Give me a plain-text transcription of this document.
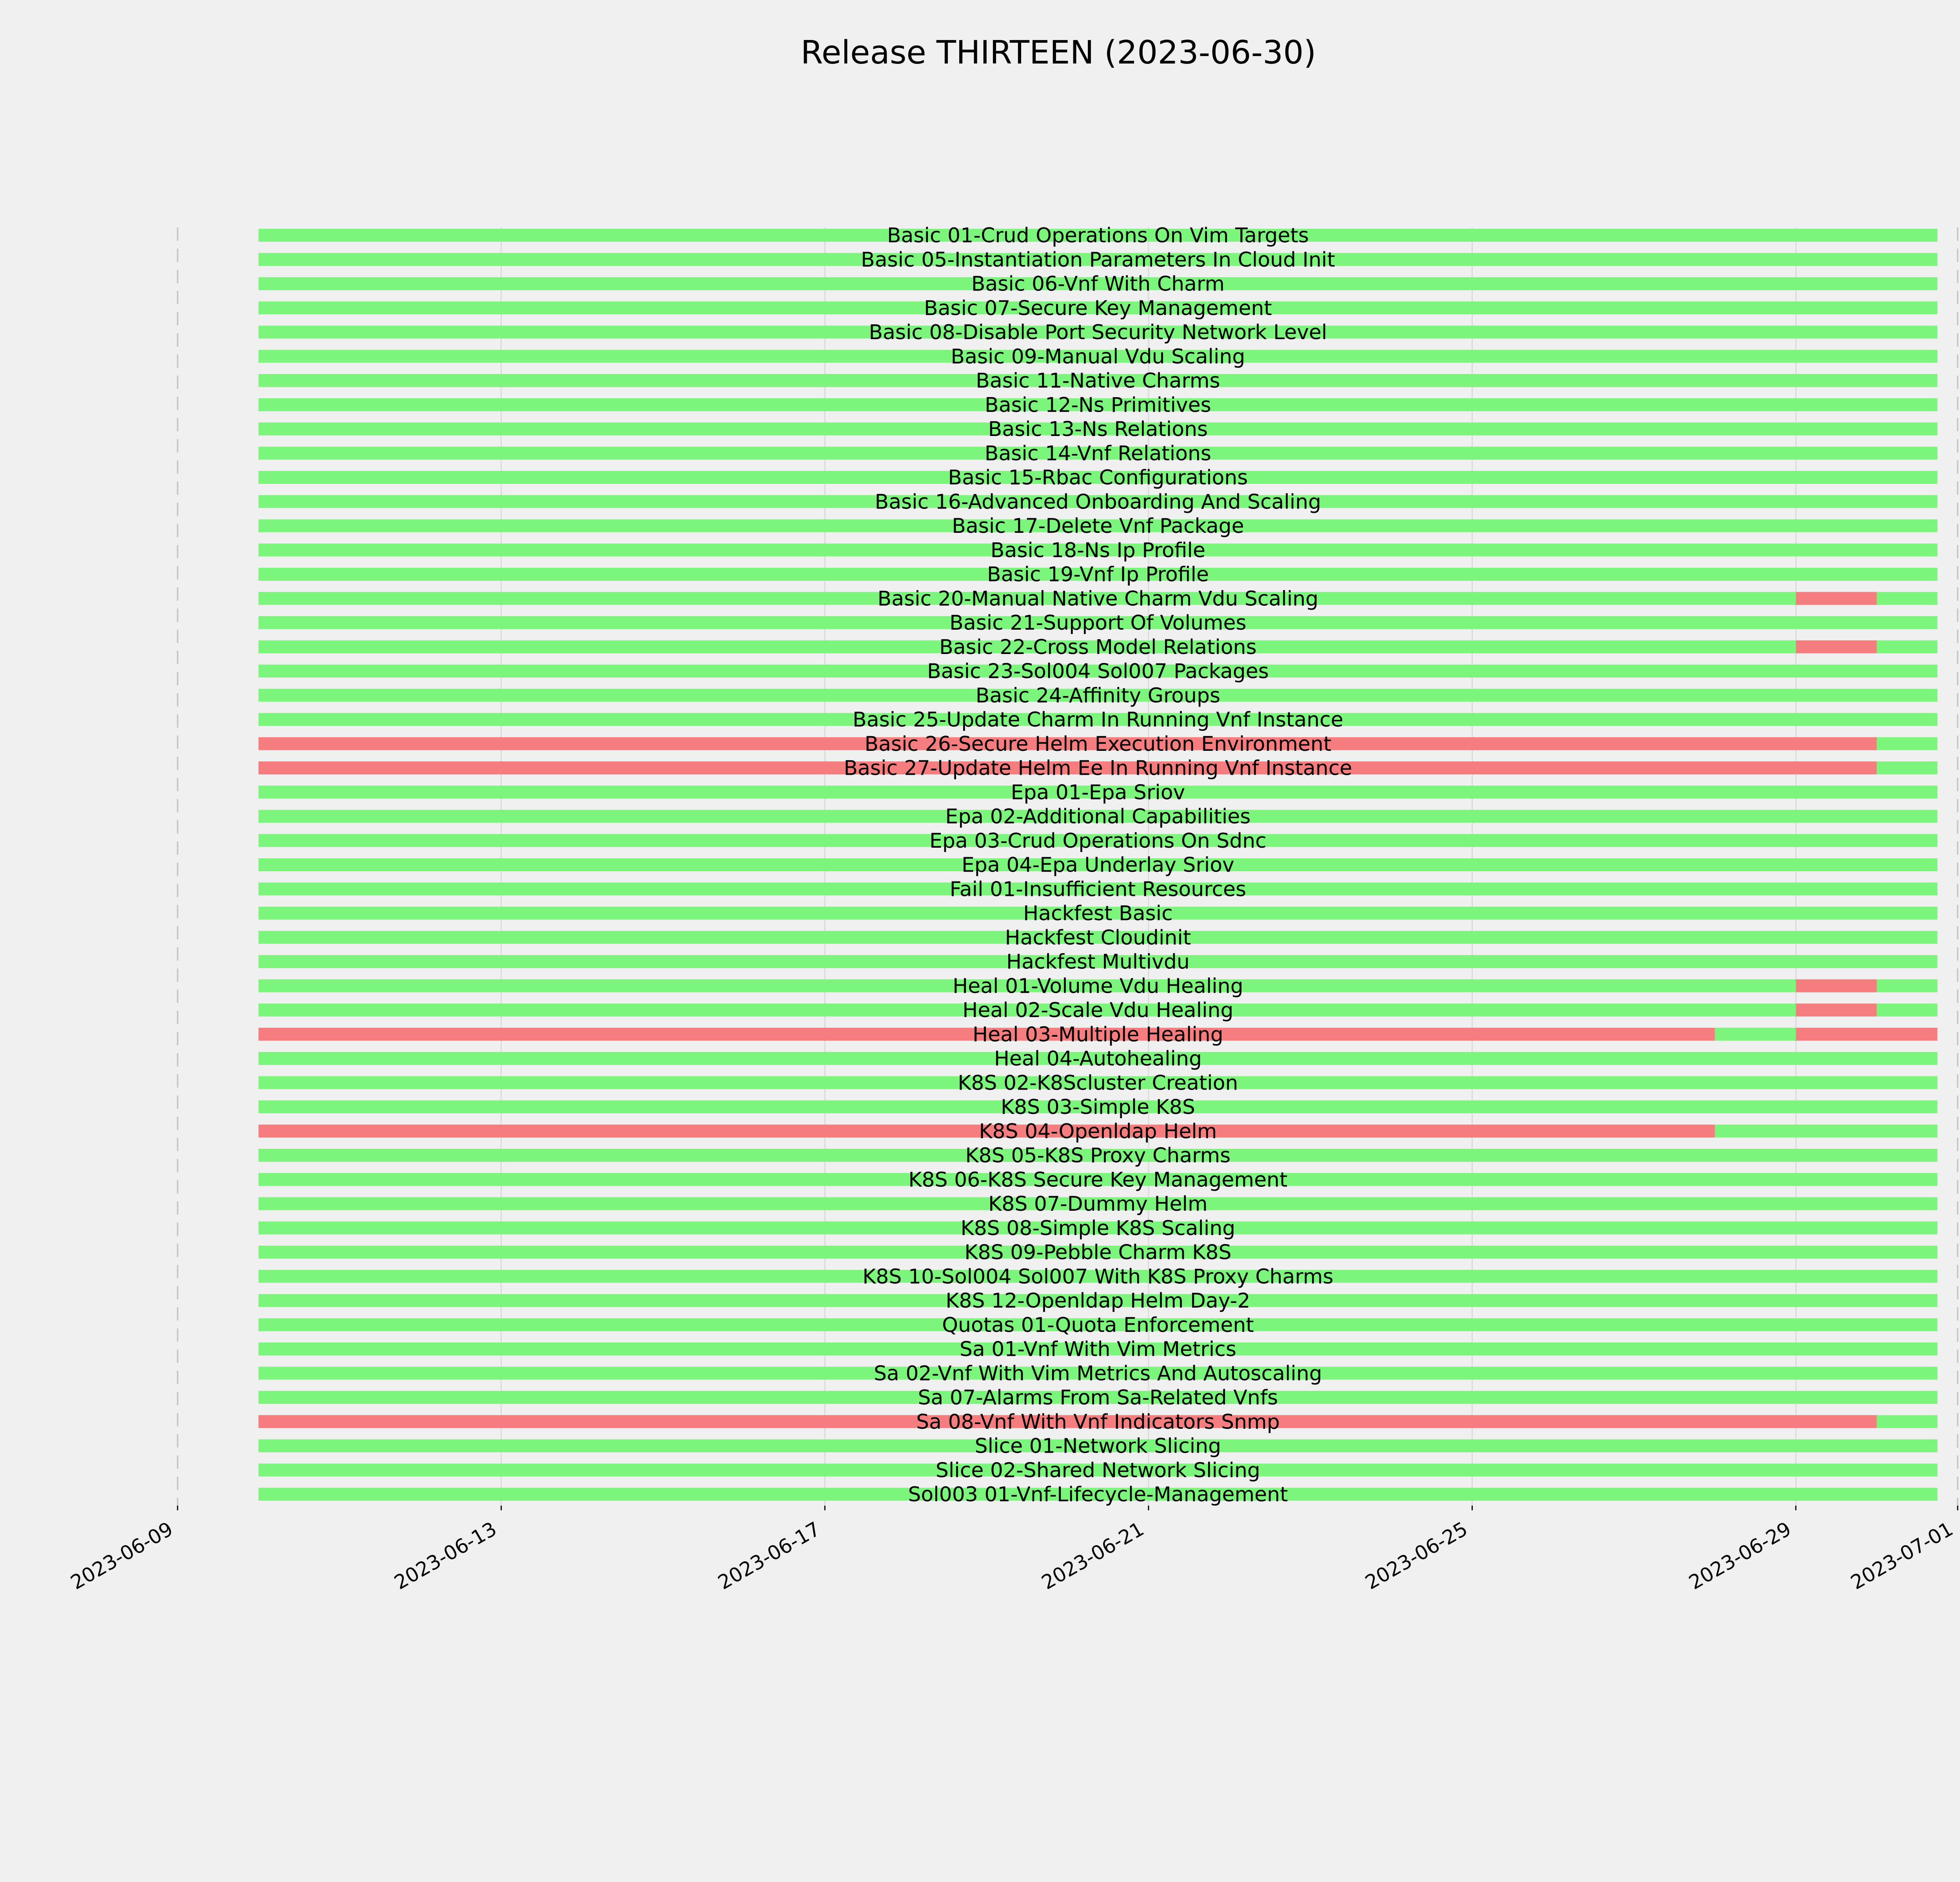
Release THIRTEEN (2023-06-30)
Basic 01-Crud Operations On Vim Targets
Basic 05-Instantiation Parameters In Cloud Init
Basic 06-Vnf With Charm
Basic 07-Secure Key Management
Basic 08-Disable Port Security Network Level
Basic 09-Manual Vdu Scaling
Basic 11-Native Charms
Basic 12-Ns Primitives
Basic 13-Ns Relations
Basic 14-Vnf Relations
Basic 15-Rbac Configurations
Basic 16-Advanced Onboarding And Scaling
Basic 17-Delete Vnf Package
Basic 18-Ns Ip Profile
Basic 19-Vnf Ip Profile
Basic 20-Manual Native Charm Vdu Scaling
Basic 21-Support Of Volumes
Basic 22-Cross Model Relations
Basic 23-Sol004 Sol007 Packages
Basic 24-Affinity Groups
Basic 25-Update Charm In Running Vnf Instance
Basic 26-Secure Helm Execution Environment
Basic 27-Update Helm Ee In Running Vnf Instance
Epa 01-Epa Sriov
Epa 02-Additional Capabilities
Epa 03-Crud Operations On Sdnc
Epa 04-Epa Underlay Sriov
Fail 01-Insufficient Resources
Hackfest Basic
Hackfest Cloudinit
Hackfest Multivdu
Heal 01-Volume Vdu Healing
Heal 02-Scale Vdu Healing
Heal 03-Multiple Healing
Heal 04-Autohealing
K8S 02-K8Scluster Creation
K8S 03-Simple K8S
K8S 04-Openldap Helm
K8S 05-K8S Proxy Charms
K8S 06-K8S Secure Key Management
K8S 07-Dummy Helm
K8S 08-Simple K8S Scaling
K8S 09-Pebble Charm K8S
K8S 10-Sol004 Sol007 With K8S Proxy Charms
K8S 12-Openldap Helm Day-2
Quotas 01-Quota Enforcement
Sa 01-Vnf With Vim Metrics
Sa 02-Vnf With Vim Metrics And Autoscaling
Sa 07-Alarms From Sa-Related Vnfs
Sa 08-Vnf With Vnf Indicators Snmp
Slice 01-Network Slicing
Slice 02-Shared Network Slicing
Sol003 01-Vnf-Lifecycle-Management
2023-06-09	2023-06-13	2023-06-17	2023-06-21	2023-06-25	2023-06-29	2023-07-01
